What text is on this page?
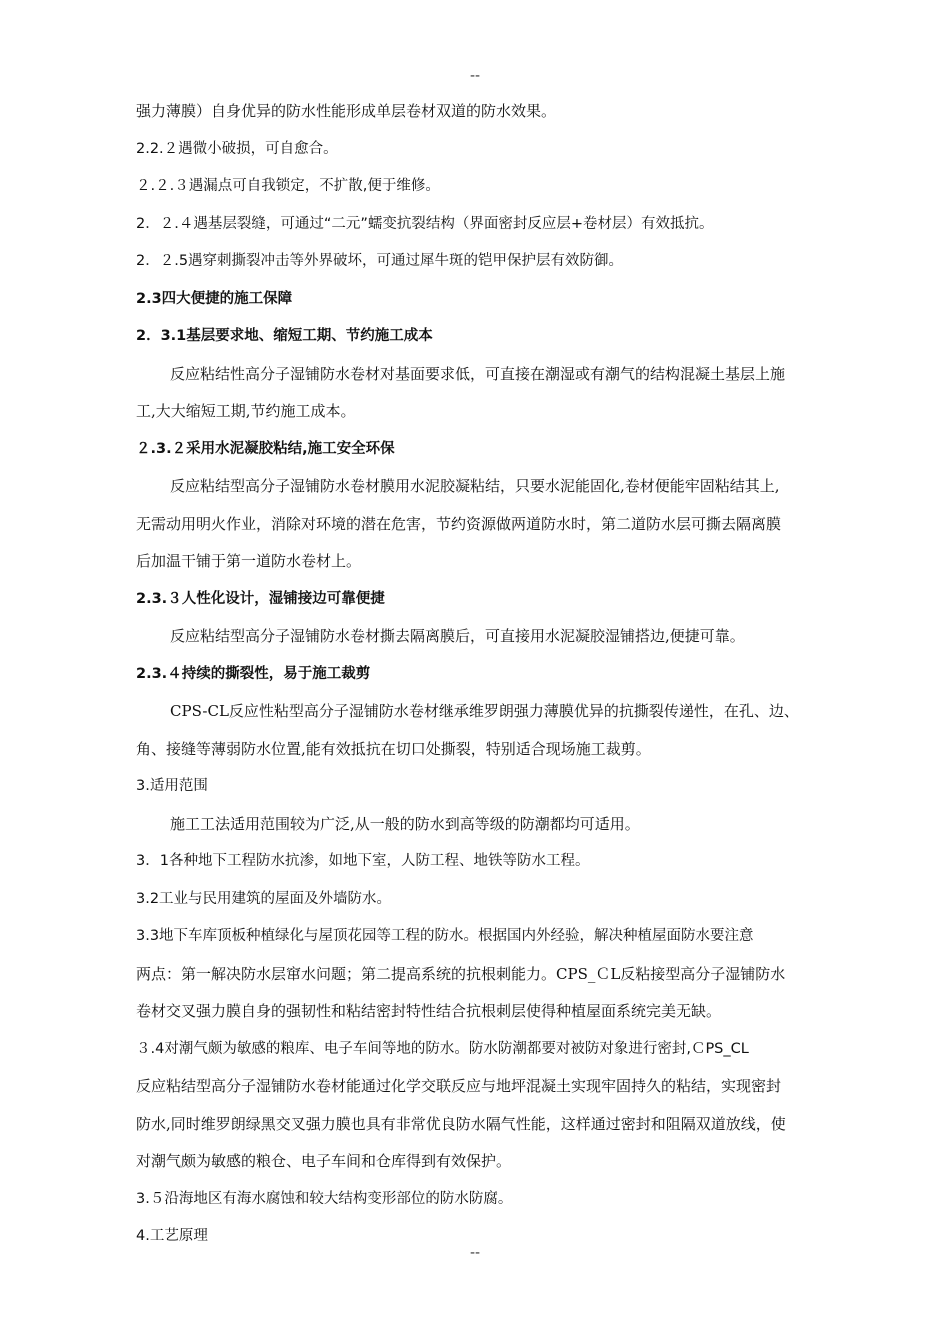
--
强力薄膜）自身优异的防水性能形成单层卷材双道的防水效果。
2.2.２遇微小破损，可自愈合。
２.２.３遇漏点可自我锁定，不扩散,便于维修。
2．２.４遇基层裂缝，可通过“二元”蠕变抗裂结构（界面密封反应层+卷材层）有效抵抗。
2．２.5遇穿刺撕裂冲击等外界破坏，可通过犀牛斑的铠甲保护层有效防御。
2.3四大便捷的施工保障
2．3.1基层要求地、缩短工期、节约施工成本
反应粘结性高分子湿铺防水卷材对基面要求低，可直接在潮湿或有潮气的结构混凝土基层上施
工,大大缩短工期,节约施工成本。
２.3.２采用水泥凝胶粘结,施工安全环保
反应粘结型高分子湿铺防水卷材膜用水泥胶凝粘结，只要水泥能固化,卷材便能牢固粘结其上,
无需动用明火作业，消除对环境的潜在危害，节约资源做两道防水时，第二道防水层可撕去隔离膜
后加温干铺于第一道防水卷材上。
2.3.３人性化设计，湿铺接边可靠便捷
反应粘结型高分子湿铺防水卷材撕去隔离膜后，可直接用水泥凝胶湿铺搭边,便捷可靠。
2.3.４持续的撕裂性，易于施工裁剪
CPS-CL反应性粘型高分子湿铺防水卷材继承维罗朗强力薄膜优异的抗撕裂传递性，在孔、边、
角、接缝等薄弱防水位置,能有效抵抗在切口处撕裂，特别适合现场施工裁剪。
3.适用范围
施工工法适用范围较为广泛,从一般的防水到高等级的防潮都均可适用。
3．1各种地下工程防水抗渗，如地下室，人防工程、地铁等防水工程。
3.2工业与民用建筑的屋面及外墙防水。
3.3地下车库顶板种植绿化与屋顶花园等工程的防水。根据国内外经验，解决种植屋面防水要注意
两点：第一解决防水层窜水问题；第二提高系统的抗根刺能力。CPS_ＣL反粘接型高分子湿铺防水
卷材交叉强力膜自身的强韧性和粘结密封特性结合抗根刺层使得种植屋面系统完美无缺。
３.4对潮气颇为敏感的粮库、电子车间等地的防水。防水防潮都要对被防对象进行密封,ＣPS_CL
反应粘结型高分子湿铺防水卷材能通过化学交联反应与地坪混凝土实现牢固持久的粘结，实现密封
防水,同时维罗朗绿黑交叉强力膜也具有非常优良防水隔气性能，这样通过密封和阻隔双道放线，使
对潮气颇为敏感的粮仓、电子车间和仓库得到有效保护。
3.５沿海地区有海水腐蚀和较大结构变形部位的防水防腐。
4.工艺原理
--
